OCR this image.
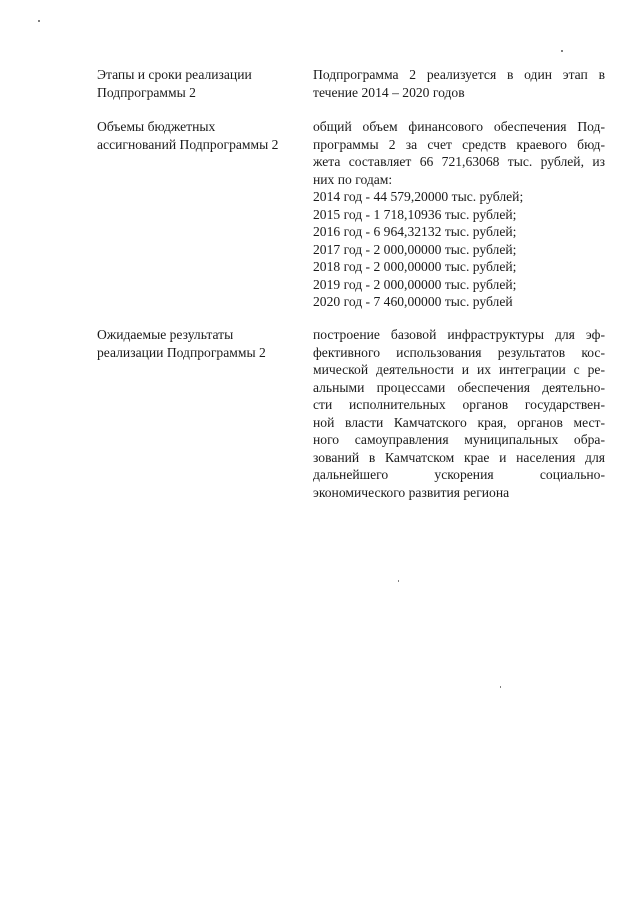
Этапы и сроки реализации
Подпрограммы 2
Подпрограмма 2 реализуется в один этап в
течение 2014 – 2020 годов
Объемы бюджетных
ассигнований Подпрограммы 2
общий объем финансового обеспечения Под-
программы 2 за счет средств краевого бюд-
жета составляет 66 721,63068 тыс. рублей, из
них по годам:
2014 год - 44 579,20000 тыс. рублей;
2015 год - 1 718,10936 тыс. рублей;
2016 год - 6 964,32132 тыс. рублей;
2017 год - 2 000,00000 тыс. рублей;
2018 год - 2 000,00000 тыс. рублей;
2019 год - 2 000,00000 тыс. рублей;
2020 год - 7 460,00000 тыс. рублей
Ожидаемые результаты
реализации Подпрограммы 2
построение базовой инфраструктуры для эф-
фективного использования результатов кос-
мической деятельности и их интеграции с ре-
альными процессами обеспечения деятельно-
сти исполнительных органов государствен-
ной власти Камчатского края, органов мест-
ного самоуправления муниципальных обра-
зований в Камчатском крае и населения для
дальнейшего ускорения социально-
экономического развития региона
